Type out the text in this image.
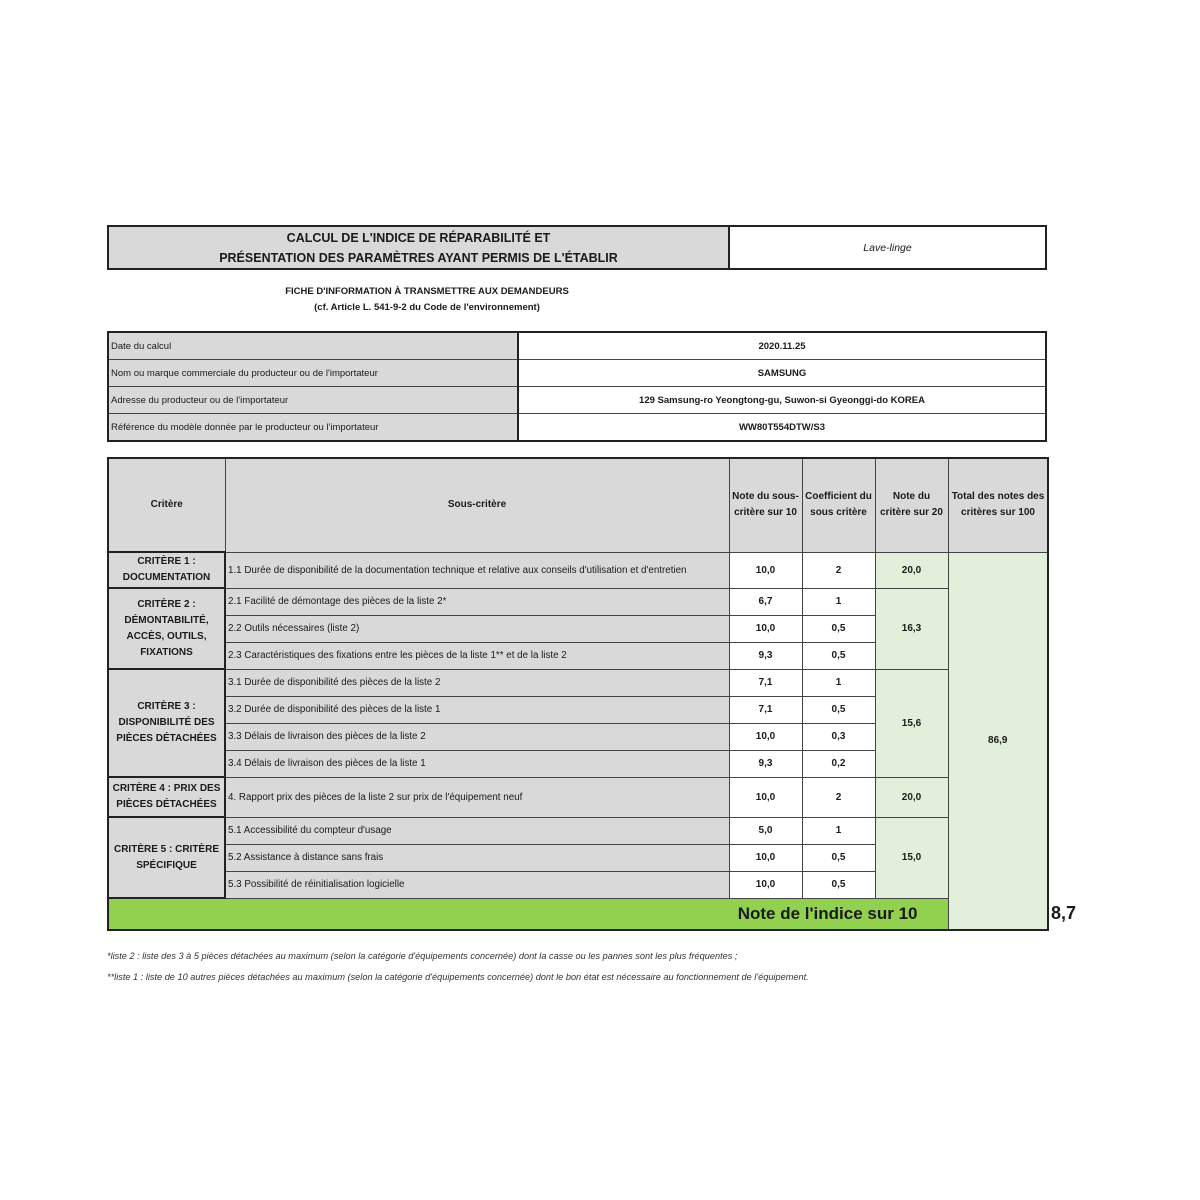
CALCUL DE L'INDICE DE RÉPARABILITÉ ET
PRÉSENTATION DES PARAMÈTRES AYANT PERMIS DE L'ÉTABLIR
Lave-linge
FICHE D'INFORMATION À TRANSMETTRE AUX DEMANDEURS
(cf. Article L. 541-9-2 du Code de l'environnement)
Date du calcul	2020.11.25
Nom ou marque commerciale du producteur ou de l'importateur	SAMSUNG
Adresse du producteur ou de l'importateur	129 Samsung-ro Yeongtong-gu, Suwon-si Gyeonggi-do KOREA
Référence du modèle donnée par le producteur ou l'importateur	WW80T554DTW/S3
Critère	Sous-critère	Note du sous-critère sur 10	Coefficient du sous critère	Note du critère sur 20	Total des notes des critères sur 100	
CRITÈRE 1 : DOCUMENTATION	1.1 Durée de disponibilité de la documentation technique et relative aux conseils d'utilisation et d'entretien	10,0	2	20,0	86,9	
CRITÈRE 2 : DÉMONTABILITÉ, ACCÈS, OUTILS, FIXATIONS	2.1 Facilité de démontage des pièces de la liste 2*	6,7	1	16,3		
	2.2 Outils nécessaires (liste 2)	10,0	0,5			
	2.3 Caractéristiques des fixations entre les pièces de la liste 1** et de la liste 2	9,3	0,5			
CRITÈRE 3 : DISPONIBILITÉ DES PIÈCES DÉTACHÉES	3.1 Durée de disponibilité des pièces de la liste 2	7,1	1	15,6		
	3.2 Durée de disponibilité des pièces de la liste 1	7,1	0,5			
	3.3 Délais de livraison des pièces de la liste 2	10,0	0,3			
	3.4 Délais de livraison des pièces de la liste 1	9,3	0,2			
CRITÈRE 4 : PRIX DES PIÈCES DÉTACHÉES	4. Rapport prix des pièces de la liste 2 sur prix de l'équipement neuf	10,0	2	20,0		
CRITÈRE 5 : CRITÈRE SPÉCIFIQUE	5.1 Accessibilité du compteur d'usage	5,0	1	15,0		
	5.2 Assistance à distance sans frais	10,0	0,5			
	5.3 Possibilité de réinitialisation logicielle	10,0	0,5			
Note de l'indice sur 10						8,7
*liste 2 : liste des 3 à 5 pièces détachées au maximum (selon la catégorie d'équipements concernée) dont la casse ou les pannes sont les plus fréquentes ;
**liste 1 : liste de 10 autres pièces détachées au maximum (selon la catégorie d'équipements concernée) dont le bon état est nécessaire au fonctionnement de l'équipement.
